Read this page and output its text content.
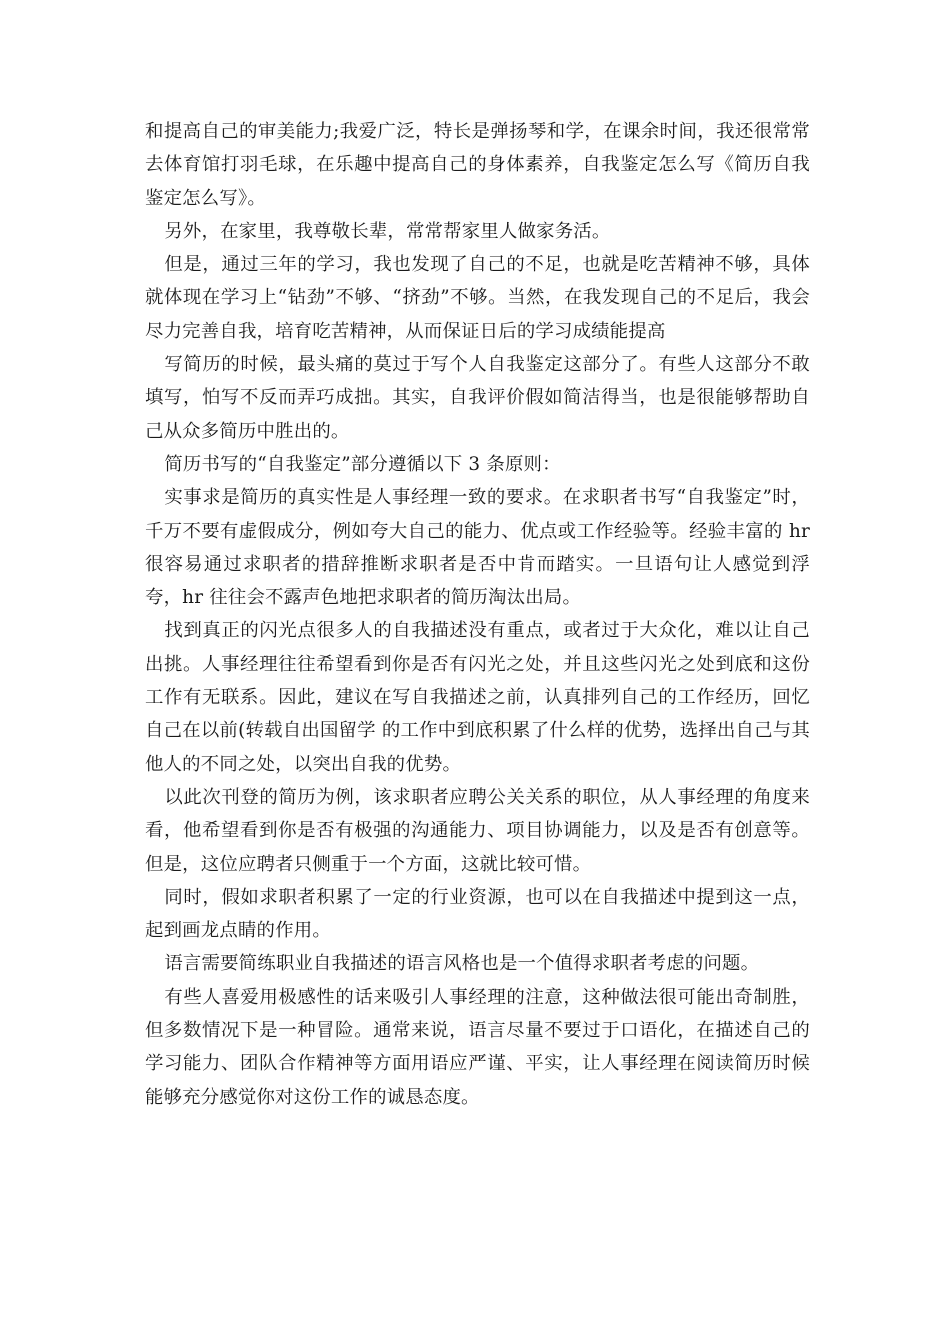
和提高自己的审美能力;我爱广泛，特长是弹扬琴和学，在课余时间，我还很常常去体育馆打羽毛球，在乐趣中提高自己的身体素养，自我鉴定怎么写《简历自我鉴定怎么写》。

另外，在家里，我尊敬长辈，常常帮家里人做家务活。

但是，通过三年的学习，我也发现了自己的不足，也就是吃苦精神不够，具体就体现在学习上“钻劲”不够、“挤劲”不够。当然，在我发现自己的不足后，我会尽力完善自我，培育吃苦精神，从而保证日后的学习成绩能提高

写简历的时候，最头痛的莫过于写个人自我鉴定这部分了。有些人这部分不敢填写，怕写不反而弄巧成拙。其实，自我评价假如简洁得当，也是很能够帮助自己从众多简历中胜出的。

简历书写的“自我鉴定”部分遵循以下 3 条原则：

实事求是简历的真实性是人事经理一致的要求。在求职者书写“自我鉴定”时，千万不要有虚假成分，例如夸大自己的能力、优点或工作经验等。经验丰富的 hr 很容易通过求职者的措辞推断求职者是否中肯而踏实。一旦语句让人感觉到浮夸，hr 往往会不露声色地把求职者的简历淘汰出局。

找到真正的闪光点很多人的自我描述没有重点，或者过于大众化，难以让自己出挑。人事经理往往希望看到你是否有闪光之处，并且这些闪光之处到底和这份工作有无联系。因此，建议在写自我描述之前，认真排列自己的工作经历，回忆自己在以前(转载自出国留学 的工作中到底积累了什么样的优势，选择出自己与其他人的不同之处，以突出自我的优势。

以此次刊登的简历为例，该求职者应聘公关关系的职位，从人事经理的角度来看，他希望看到你是否有极强的沟通能力、项目协调能力，以及是否有创意等。但是，这位应聘者只侧重于一个方面，这就比较可惜。

同时，假如求职者积累了一定的行业资源，也可以在自我描述中提到这一点，起到画龙点睛的作用。

语言需要简练职业自我描述的语言风格也是一个值得求职者考虑的问题。

有些人喜爱用极感性的话来吸引人事经理的注意，这种做法很可能出奇制胜，但多数情况下是一种冒险。通常来说，语言尽量不要过于口语化，在描述自己的学习能力、团队合作精神等方面用语应严谨、平实，让人事经理在阅读简历时候能够充分感觉你对这份工作的诚恳态度。
